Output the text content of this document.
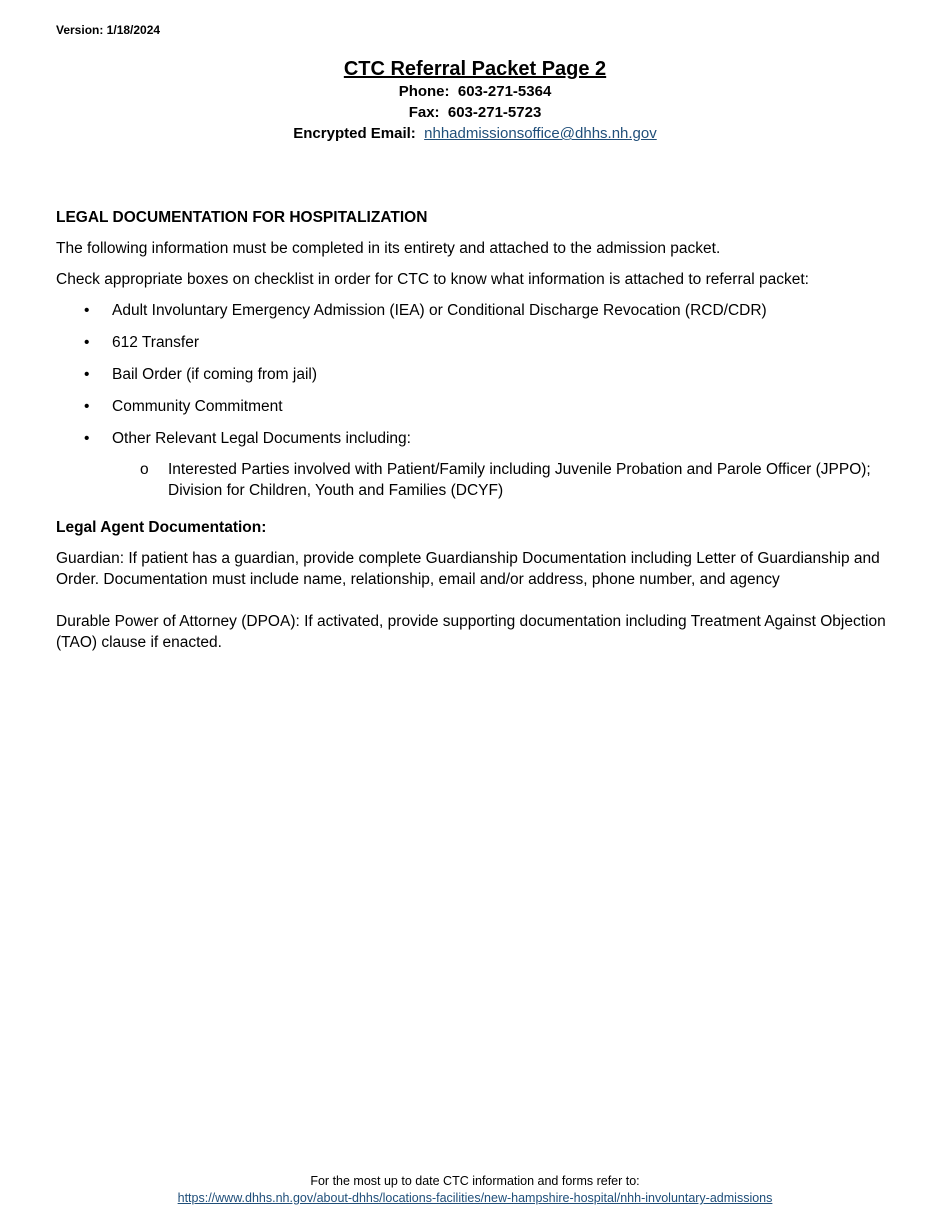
Version: 1/18/2024
CTC Referral Packet Page 2
Phone: 603-271-5364
Fax: 603-271-5723
Encrypted Email: nhhadmissionsoffice@dhhs.nh.gov
LEGAL DOCUMENTATION FOR HOSPITALIZATION
The following information must be completed in its entirety and attached to the admission packet.
Check appropriate boxes on checklist in order for CTC to know what information is attached to referral packet:
• Adult Involuntary Emergency Admission (IEA) or Conditional Discharge Revocation (RCD/CDR)
• 612 Transfer
• Bail Order (if coming from jail)
• Community Commitment
• Other Relevant Legal Documents including:
o Interested Parties involved with Patient/Family including Juvenile Probation and Parole Officer (JPPO); Division for Children, Youth and Families (DCYF)
Legal Agent Documentation:
Guardian: If patient has a guardian, provide complete Guardianship Documentation including Letter of Guardianship and Order. Documentation must include name, relationship, email and/or address, phone number, and agency
Durable Power of Attorney (DPOA): If activated, provide supporting documentation including Treatment Against Objection (TAO) clause if enacted.
For the most up to date CTC information and forms refer to:
https://www.dhhs.nh.gov/about-dhhs/locations-facilities/new-hampshire-hospital/nhh-involuntary-admissions
